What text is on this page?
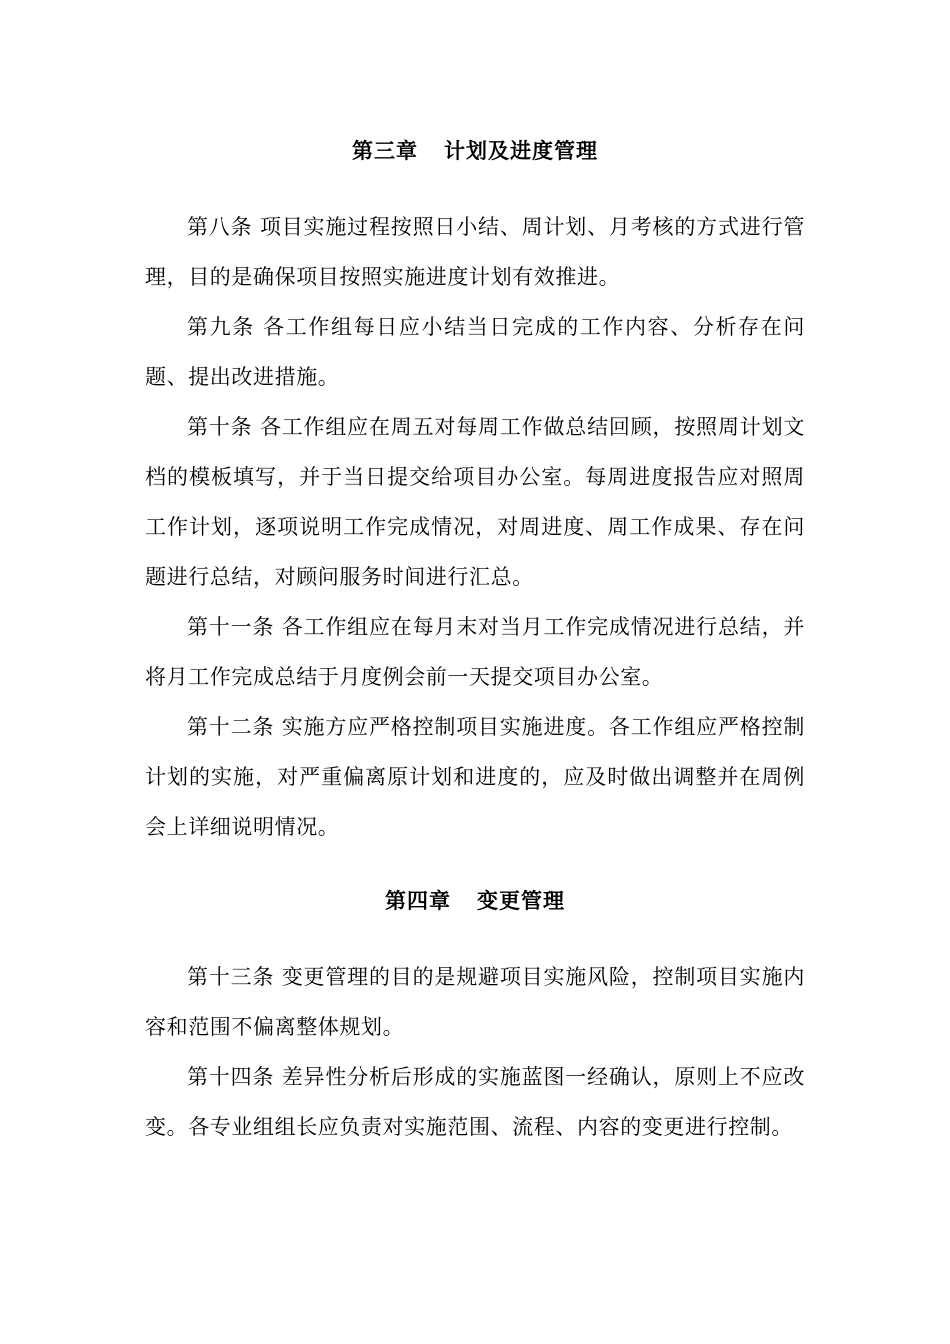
第三章 计划及进度管理

第八条 项目实施过程按照日小结、周计划、月考核的方式进行管理，目的是确保项目按照实施进度计划有效推进。

第九条 各工作组每日应小结当日完成的工作内容、分析存在问题、提出改进措施。

第十条 各工作组应在周五对每周工作做总结回顾，按照周计划文档的模板填写，并于当日提交给项目办公室。每周进度报告应对照周工作计划，逐项说明工作完成情况，对周进度、周工作成果、存在问题进行总结，对顾问服务时间进行汇总。

第十一条 各工作组应在每月末对当月工作完成情况进行总结，并将月工作完成总结于月度例会前一天提交项目办公室。

第十二条 实施方应严格控制项目实施进度。各工作组应严格控制计划的实施，对严重偏离原计划和进度的，应及时做出调整并在周例会上详细说明情况。

第四章 变更管理

第十三条 变更管理的目的是规避项目实施风险，控制项目实施内容和范围不偏离整体规划。

第十四条 差异性分析后形成的实施蓝图一经确认，原则上不应改变。各专业组组长应负责对实施范围、流程、内容的变更进行控制。
